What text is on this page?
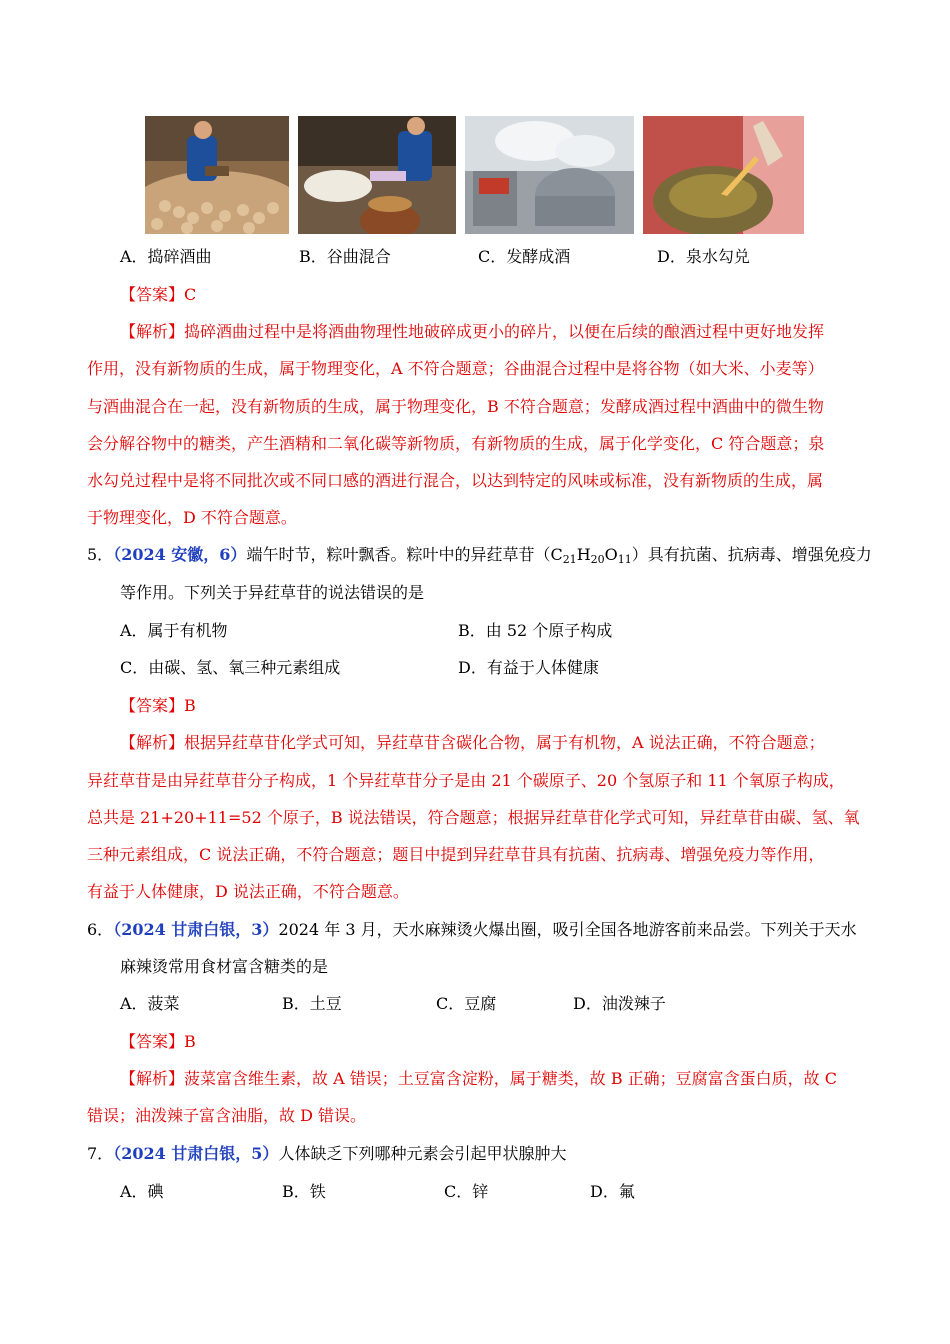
A．捣碎酒曲	B．谷曲混合	C．发酵成酒	D．泉水勾兑
【答案】C
【解析】捣碎酒曲过程中是将酒曲物理性地破碎成更小的碎片，以便在后续的酿酒过程中更好地发挥
作用，没有新物质的生成，属于物理变化，A 不符合题意；谷曲混合过程中是将谷物（如大米、小麦等）
与酒曲混合在一起，没有新物质的生成，属于物理变化，B 不符合题意；发酵成酒过程中酒曲中的微生物
会分解谷物中的糖类，产生酒精和二氧化碳等新物质，有新物质的生成，属于化学变化，C 符合题意；泉
水勾兑过程中是将不同批次或不同口感的酒进行混合，以达到特定的风味或标准，没有新物质的生成，属
于物理变化，D 不符合题意。
5．（2024 安徽，6）端午时节，粽叶飘香。粽叶中的异荭草苷$(C_{21}H_{20}O_{11})$具有抗菌、抗病毒、增强免疫力
等作用。下列关于异荭草苷的说法错误的是
A．属于有机物	B．由 52 个原子构成
C．由碳、氢、氧三种元素组成	D．有益于人体健康
【答案】B
【解析】根据异荭草苷化学式可知，异荭草苷含碳化合物，属于有机物，A 说法正确，不符合题意；
异荭草苷是由异荭草苷分子构成，1 个异荭草苷分子是由 21 个碳原子、20 个氢原子和 11 个氧原子构成，
总共是 21+20+11=52 个原子，B 说法错误，符合题意；根据异荭草苷化学式可知，异荭草苷由碳、氢、氧
三种元素组成，C 说法正确，不符合题意；题目中提到异荭草苷具有抗菌、抗病毒、增强免疫力等作用，
有益于人体健康，D 说法正确，不符合题意。
6．（2024 甘肃白银，3）2024 年 3 月，天水麻辣烫火爆出圈，吸引全国各地游客前来品尝。下列关于天水
麻辣烫常用食材富含糖类的是
A．菠菜	B．土豆	C．豆腐	D．油泼辣子
【答案】B
【解析】菠菜富含维生素，故 A 错误；土豆富含淀粉，属于糖类，故 B 正确；豆腐富含蛋白质，故 C
错误；油泼辣子富含油脂，故 D 错误。
7．（2024 甘肃白银，5）人体缺乏下列哪种元素会引起甲状腺肿大
A．碘	B．铁	C．锌	D．氟
